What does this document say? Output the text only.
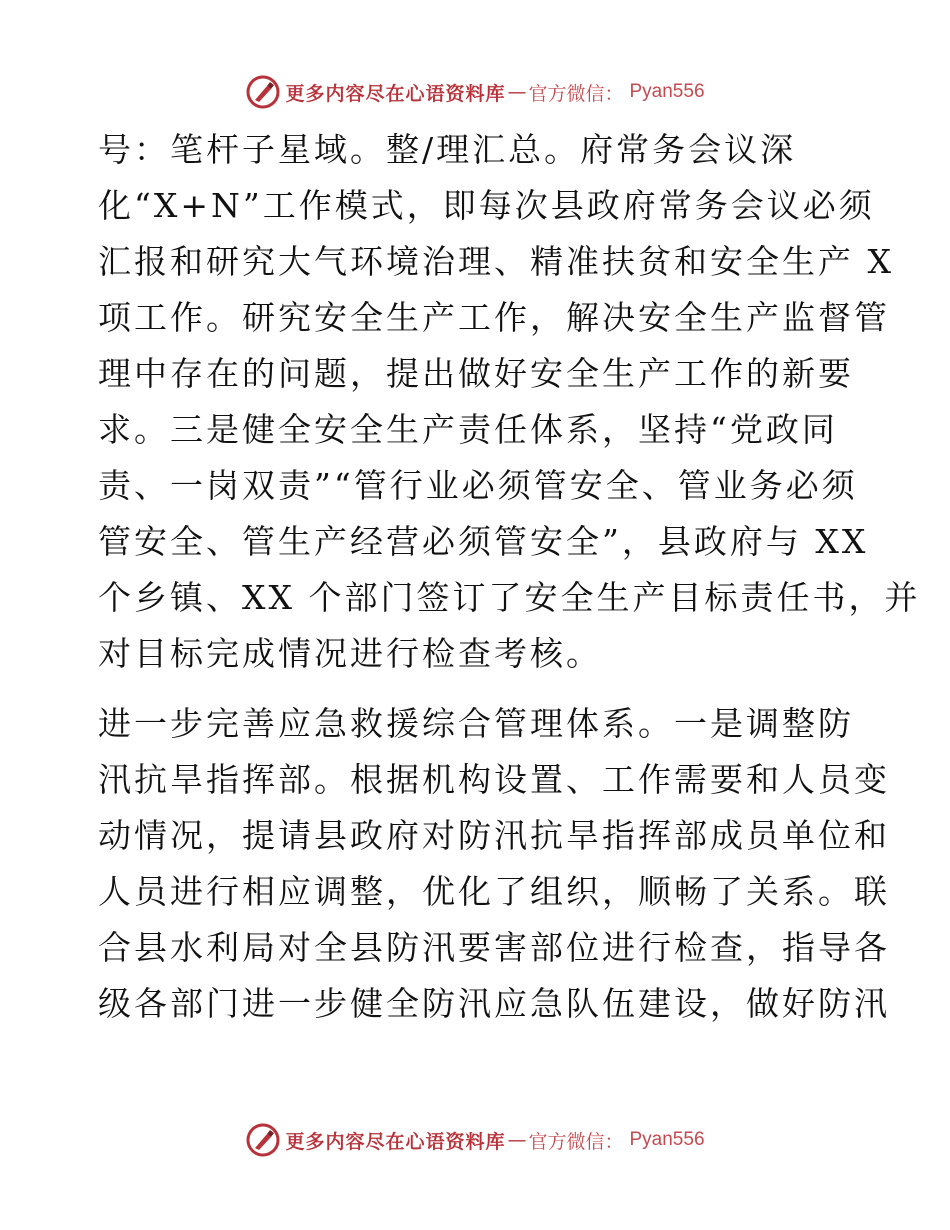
更多内容尽在心语资料库 — 官方微信： Pyan556
号：笔杆子星域。整/理汇总。府常务会议深
化“X+N”工作模式，即每次县政府常务会议必须
汇报和研究大气环境治理、精准扶贫和安全生产 X
项工作。研究安全生产工作，解决安全生产监督管
理中存在的问题，提出做好安全生产工作的新要
求。三是健全安全生产责任体系，坚持“党政同
责、一岗双责”“管行业必须管安全、管业务必须
管安全、管生产经营必须管安全”，县政府与 XX
个乡镇、XX 个部门签订了安全生产目标责任书，并
对目标完成情况进行检查考核。
进一步完善应急救援综合管理体系。一是调整防
汛抗旱指挥部。根据机构设置、工作需要和人员变
动情况，提请县政府对防汛抗旱指挥部成员单位和
人员进行相应调整，优化了组织，顺畅了关系。联
合县水利局对全县防汛要害部位进行检查，指导各
级各部门进一步健全防汛应急队伍建设，做好防汛
更多内容尽在心语资料库 — 官方微信： Pyan556
